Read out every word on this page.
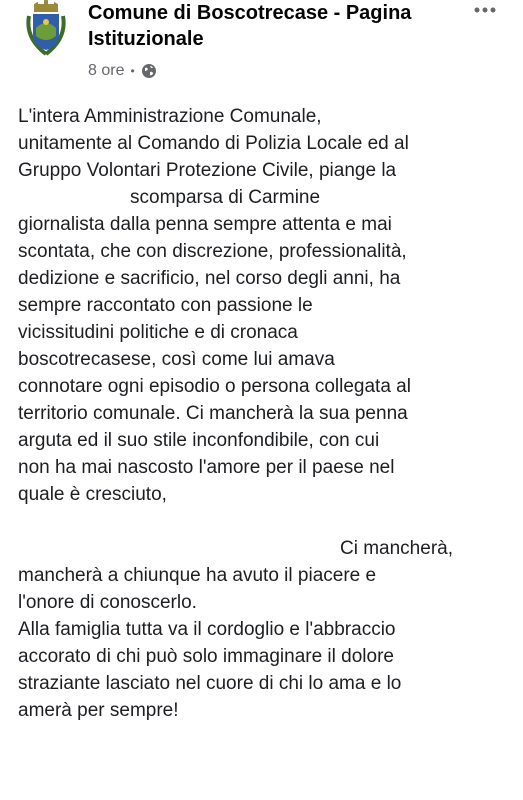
Comune di Boscotrecase - Pagina
Istituzionale
8 ore •
L'intera Amministrazione Comunale,
unitamente al Comando di Polizia Locale ed al
Gruppo Volontari Protezione Civile, piange la
scomparsa di Carmine
giornalista dalla penna sempre attenta e mai
scontata, che con discrezione, professionalità,
dedizione e sacrificio, nel corso degli anni, ha
sempre raccontato con passione le
vicissitudini politiche e di cronaca
boscotrecasese, così come lui amava
connotare ogni episodio o persona collegata al
territorio comunale. Ci mancherà la sua penna
arguta ed il suo stile inconfondibile, con cui
non ha mai nascosto l'amore per il paese nel
quale è cresciuto,
Ci mancherà,
mancherà a chiunque ha avuto il piacere e
l'onore di conoscerlo.
Alla famiglia tutta va il cordoglio e l'abbraccio
accorato di chi può solo immaginare il dolore
straziante lasciato nel cuore di chi lo ama e lo
amerà per sempre!
